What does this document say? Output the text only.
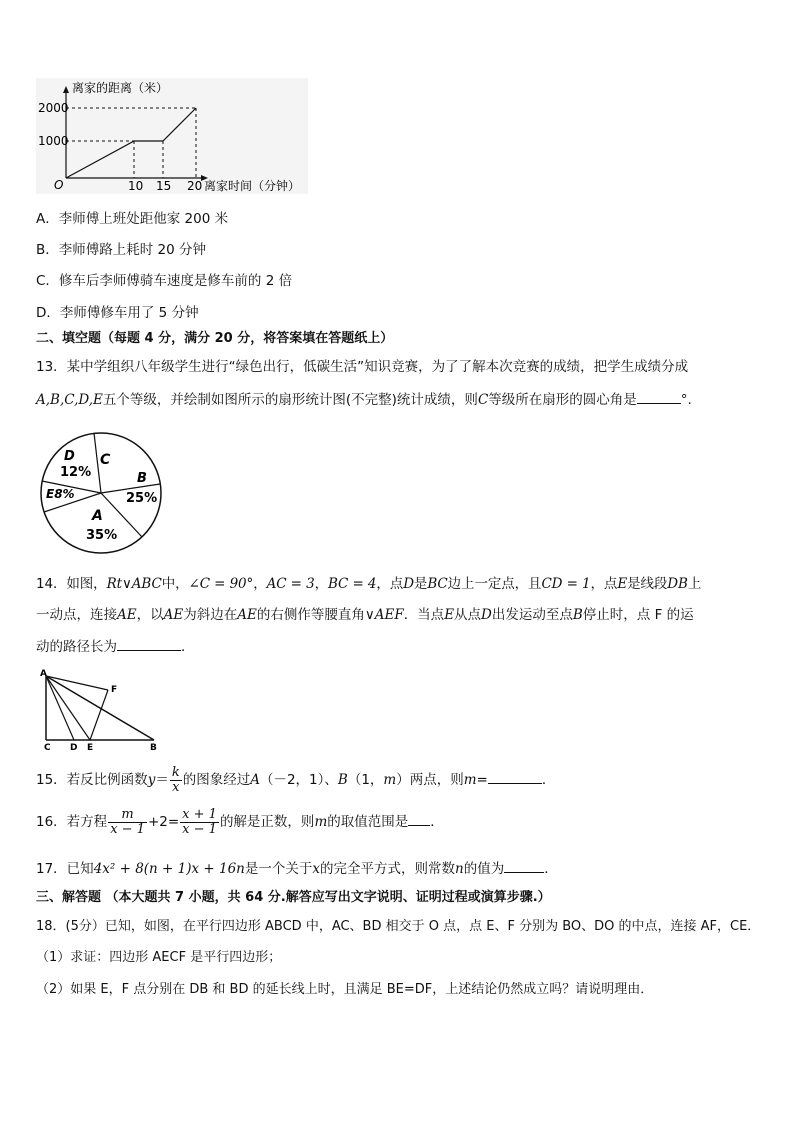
离家的距离（米）
2000
1000
O	10 15 20 离家时间（分钟）
A．李师傅上班处距他家 200 米
B．李师傅路上耗时 20 分钟
C．修车后李师傅骑车速度是修车前的 2 倍
D．李师傅修车用了 5 分钟
二、填空题（每题 4 分，满分 20 分，将答案填在答题纸上）
13．某中学组织八年级学生进行“绿色出行，低碳生活”知识竞赛，为了了解本次竞赛的成绩，把学生成绩分成
A,B,C,D,E五个等级，并绘制如图所示的扇形统计图(不完整)统计成绩，则C等级所在扇形的圆心角是	°.
D
12%
C
B
25%
E8%
A
35%
14．如图，Rt∨ABC中，∠C = 90°，AC = 3，BC = 4，点D是BC边上一定点，且CD = 1，点E是线段DB上
一动点，连接AE，以AE为斜边在AE的右侧作等腰直角∨AEF．当点E从点D出发运动至点B停止时，点 F 的运
动的路径长为	．
A
F
C D E	B
15．若反比例函数$y= \frac{k}{x}$ 的图象经过A（－2，1）、B（1，m）两点，则m=	．
16．若方程 $\frac{m}{x - 1} +2= \frac{x + 1}{x - 1}$ 的解是正数，则m的取值范围是 ．
17．已知4x² + 8(n + 1)x + 16n是一个关于x的完全平方式，则常数n的值为	．
三、解答题 （本大题共 7 小题，共 64 分.解答应写出文字说明、证明过程或演算步骤.）
18．(5分）已知，如图，在平行四边形 ABCD 中，AC、BD 相交于 O 点，点 E、F 分别为 BO、DO 的中点，连接 AF，CE．
（1）求证：四边形 AECF 是平行四边形；
（2）如果 E，F 点分别在 DB 和 BD 的延长线上时，且满足 BE=DF，上述结论仍然成立吗？请说明理由．
